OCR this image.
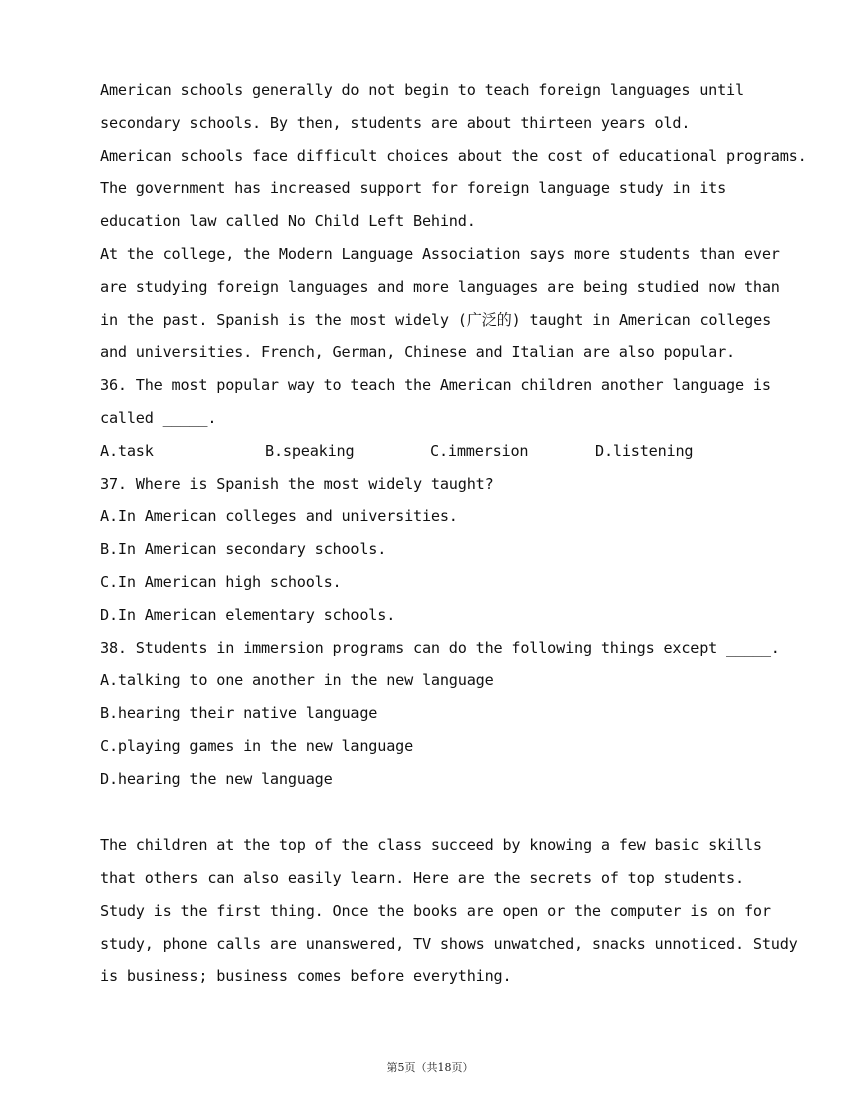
American schools generally do not begin to teach foreign languages until
secondary schools. By then, students are about thirteen years old.
American schools face difficult choices about the cost of educational programs.
The government has increased support for foreign language study in its
education law called No Child Left Behind.
At the college, the Modern Language Association says more students than ever
are studying foreign languages and more languages are being studied now than
in the past. Spanish is the most widely (广泛的) taught in American colleges
and universities. French, German, Chinese and Italian are also popular.
36. The most popular way to teach the American children another language is
called _____.
A.task	B.speaking	C.immersion	D.listening
37. Where is Spanish the most widely taught?
A.In American colleges and universities.
B.In American secondary schools.
C.In American high schools.
D.In American elementary schools.
38. Students in immersion programs can do the following things except _____.
A.talking to one another in the new language
B.hearing their native language
C.playing games in the new language
D.hearing the new language
The children at the top of the class succeed by knowing a few basic skills
that others can also easily learn. Here are the secrets of top students.
Study is the first thing. Once the books are open or the computer is on for
study, phone calls are unanswered, TV shows unwatched, snacks unnoticed. Study
is business; business comes before everything.
第5页（共18页）
